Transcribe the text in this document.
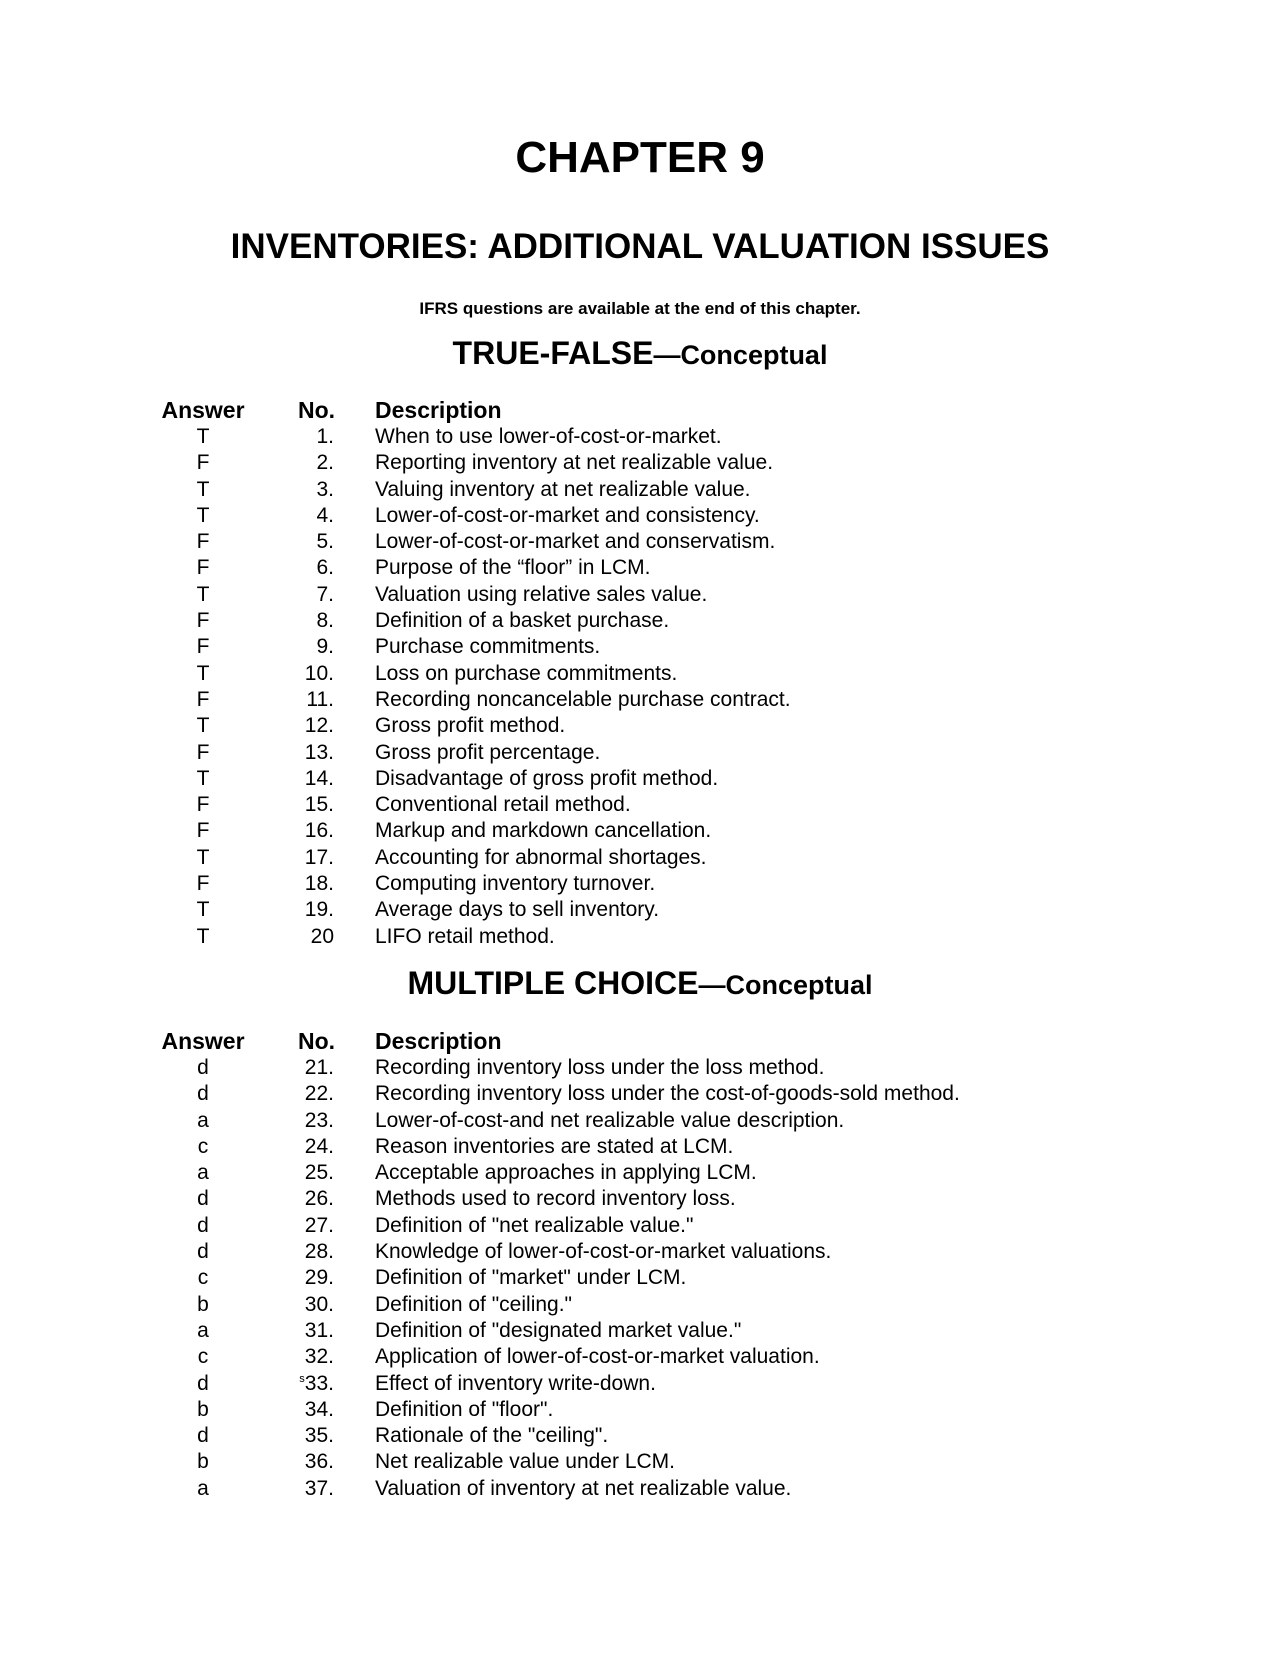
CHAPTER 9
INVENTORIES: ADDITIONAL VALUATION ISSUES
IFRS questions are available at the end of this chapter.
TRUE-FALSE—Conceptual
Answer	No.	Description
T	1. When to use lower-of-cost-or-market.
F	2. Reporting inventory at net realizable value.
T	3. Valuing inventory at net realizable value.
T	4. Lower-of-cost-or-market and consistency.
F	5. Lower-of-cost-or-market and conservatism.
F	6. Purpose of the “floor” in LCM.
T	7. Valuation using relative sales value.
F	8. Definition of a basket purchase.
F	9. Purchase commitments.
T	10. Loss on purchase commitments.
F	11. Recording noncancelable purchase contract.
T	12. Gross profit method.
F	13. Gross profit percentage.
T	14. Disadvantage of gross profit method.
F	15. Conventional retail method.
F	16. Markup and markdown cancellation.
T	17. Accounting for abnormal shortages.
F	18. Computing inventory turnover.
T	19. Average days to sell inventory.
T	20 LIFO retail method.
MULTIPLE CHOICE—Conceptual
Answer	No.	Description
d	21. Recording inventory loss under the loss method.
d	22. Recording inventory loss under the cost-of-goods-sold method.
a	23. Lower-of-cost-and net realizable value description.
c	24. Reason inventories are stated at LCM.
a	25. Acceptable approaches in applying LCM.
d	26. Methods used to record inventory loss.
d	27. Definition of "net realizable value."
d	28. Knowledge of lower-of-cost-or-market valuations.
c	29. Definition of "market" under LCM.
b	30. Definition of "ceiling."
a	31. Definition of "designated market value."
c	32. Application of lower-of-cost-or-market valuation.
d	$^s$33. Effect of inventory write-down.
b	34. Definition of "floor".
d	35. Rationale of the "ceiling".
b	36. Net realizable value under LCM.
a	37. Valuation of inventory at net realizable value.
